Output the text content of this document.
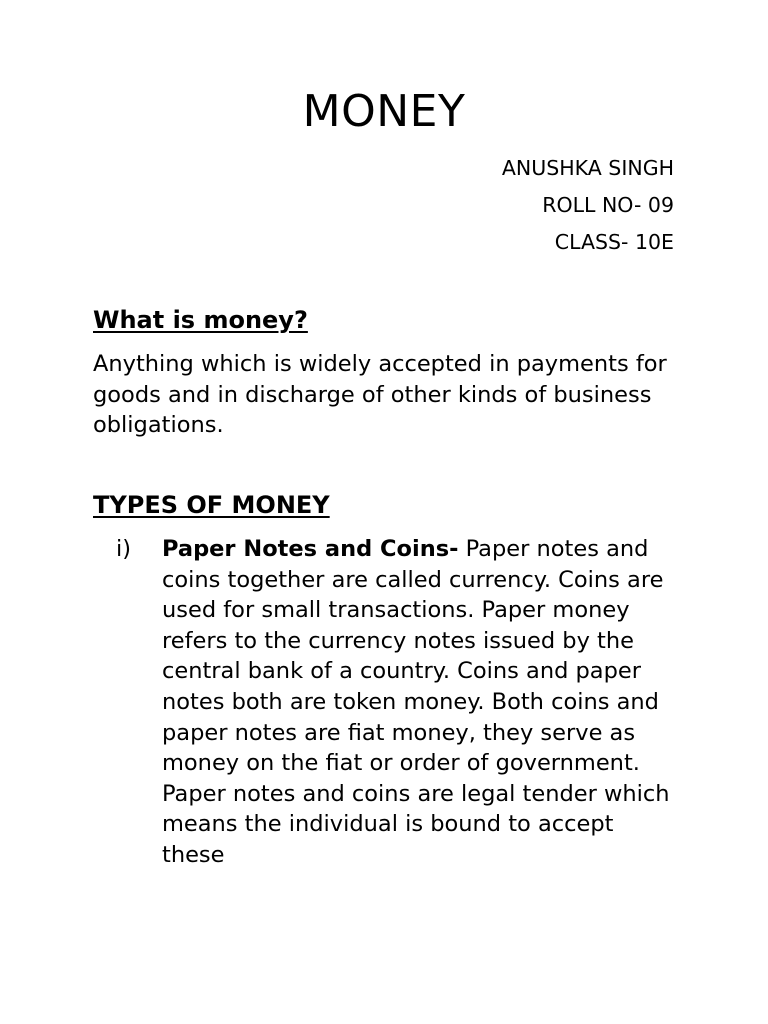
MONEY
ANUSHKA SINGH
ROLL NO- 09
CLASS- 10E
What is money?

Anything which is widely accepted in payments for goods and in discharge of other kinds of business obligations.

TYPES OF MONEY
i) Paper Notes and Coins- Paper notes and coins together are called currency. Coins are used for small transactions. Paper money refers to the currency notes issued by the central bank of a country. Coins and paper notes both are token money. Both coins and paper notes are fiat money, they serve as money on the fiat or order of government. Paper notes and coins are legal tender which means the individual is bound to accept these
